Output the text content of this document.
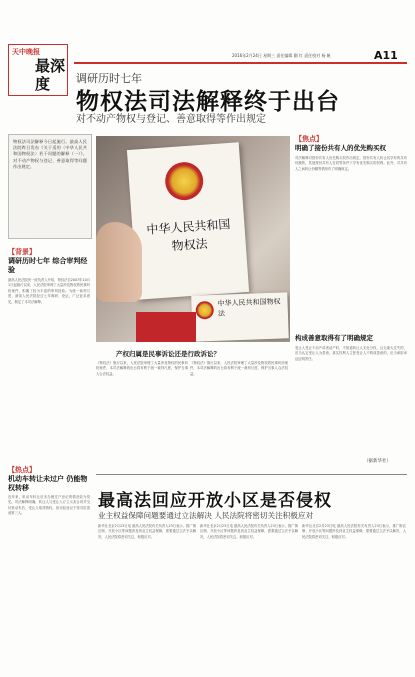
天中晚报
最深度
2016年2月24日 星期三 责任编辑 蒯 红 责任校对 杨 帆	A11
调研历时七年
物权法司法解释终于出台
对不动产物权与登记、善意取得等作出规定
物权法司法解释今日起施行。最高人民法院昨日发布《关于适用〈中华人民共和国物权法〉若干问题的解释（一）》，对不动产物权与登记、善意取得等问题作出规定。
【背景】
调研历时七年 综合审判经验
最高人民法院民一庭负责人介绍，物权法自2007年10月1日起施行以来，人民法院审理了大量涉及物权的民事纠纷案件，积累了较为丰富的审判经验。为统一裁判尺度，最高人民法院经过七年调研、论证，广泛征求意见，制定了本司法解释。
【热点】
机动车转让未过户 仍能物权转移
近年来，机动车转让后未办理过户登记的情况较为常见。司法解释明确，转让人与受让人订立买卖合同并交付机动车后，受让人取得物权，但未经登记不得对抗善意第三人。
中华人民共和国物权法
中华人民共和国物权法
产权归属是民事诉讼还是行政诉讼？
《物权法》施行以来，人民法院审理了大量涉及物权的民事纠纷案件，本司法解释的出台将有利于统一裁判尺度，保护当事人合法权益。
《物权法》施行以来，人民法院审理了大量涉及物权的民事纠纷案件，本司法解释的出台将有利于统一裁判尺度，保护当事人合法权益。
【焦点】
明确了接份共有人的优先购买权
司法解释对按份共有人优先购买权作出规定，按份共有人转让其享有的共有份额的，其他按份共有人在同等条件下享有优先购买的权利。此外，对共有人之间转让份额等情形作了明确规定。
构成善意取得有了明确规定
受让人受让不动产或者动产时，不知道转让人无处分权，且无重大过失的，应当认定受让人为善意。真实权利人主张受让人不构成善意的，应当承担举证证明责任。
（据新华社）
最高法回应开放小区是否侵权
业主权益保障问题要通过立法解决 人民法院将密切关注积极应对
新华社北京2月23日电 最高人民法院有关负责人23日表示，推广街区制、开放小区等问题涉及到业主权益保障，需要通过立法予以解决，人民法院将密切关注、积极应对。
新华社北京2月23日电 最高人民法院有关负责人23日表示，推广街区制、开放小区等问题涉及到业主权益保障，需要通过立法予以解决，人民法院将密切关注、积极应对。
新华社北京2月23日电 最高人民法院有关负责人23日表示，推广街区制、开放小区等问题涉及到业主权益保障，需要通过立法予以解决，人民法院将密切关注、积极应对。
